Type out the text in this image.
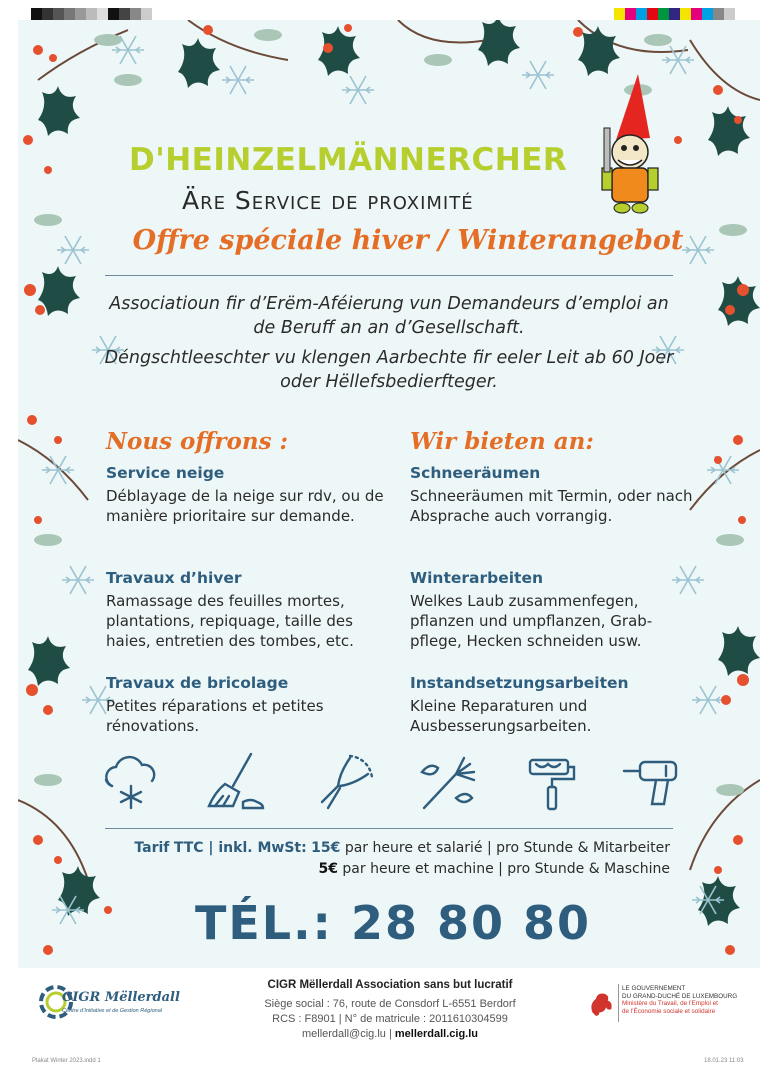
D'HEINZELMÄNNERCHER
Äre Service de proximité
Offre spéciale hiver / Winterangebot

Associatioun fir d’Erëm-Aféierung vun Demandeurs d’emploi an de Beruff an an d’Gesellschaft.

Déngschtleeschter vu klengen Aarbechte fir eeler Leit ab 60 Joer oder Hëllefsbedierfteger.

Nous offrons :	Wir bieten an:

Service neige

Déblayage de la neige sur rdv, ou de manière prioritaire sur demande.

Travaux d’hiver

Ramassage des feuilles mortes, plantations, repiquage, taille des haies, entretien des tombes, etc.

Travaux de bricolage

Petites réparations et petites rénovations.

Schneeräumen

Schneeräumen mit Termin, oder nach Absprache auch vorrangig.

Winterarbeiten

Welkes Laub zusammenfegen, pflanzen und umpflanzen, Grab-pflege, Hecken schneiden usw.

Instandsetzungsarbeiten

Kleine Reparaturen und Ausbesserungsarbeiten.

Tarif TTC | inkl. MwSt: 15€ par heure et salarié | pro Stunde & Mitarbeiter
5€ par heure et machine | pro Stunde & Maschine
TÉL.: 28 80 80
CIGR Mëllerdall
Centre d’Initiative et de Gestion Régional
CIGR Mëllerdall Association sans but lucratif
Siège social : 76, route de Consdorf L-6551 Berdorf
RCS : F8901 | N° de matricule : 2011610304599
mellerdall@cig.lu | mellerdall.cig.lu
LE GOUVERNEMENT
DU GRAND-DUCHÉ DE LUXEMBOURG
Ministère du Travail, de l’Emploi et
de l’Économie sociale et solidaire
Plakat Winter 2023.indd 1	18.01.23 11:03
